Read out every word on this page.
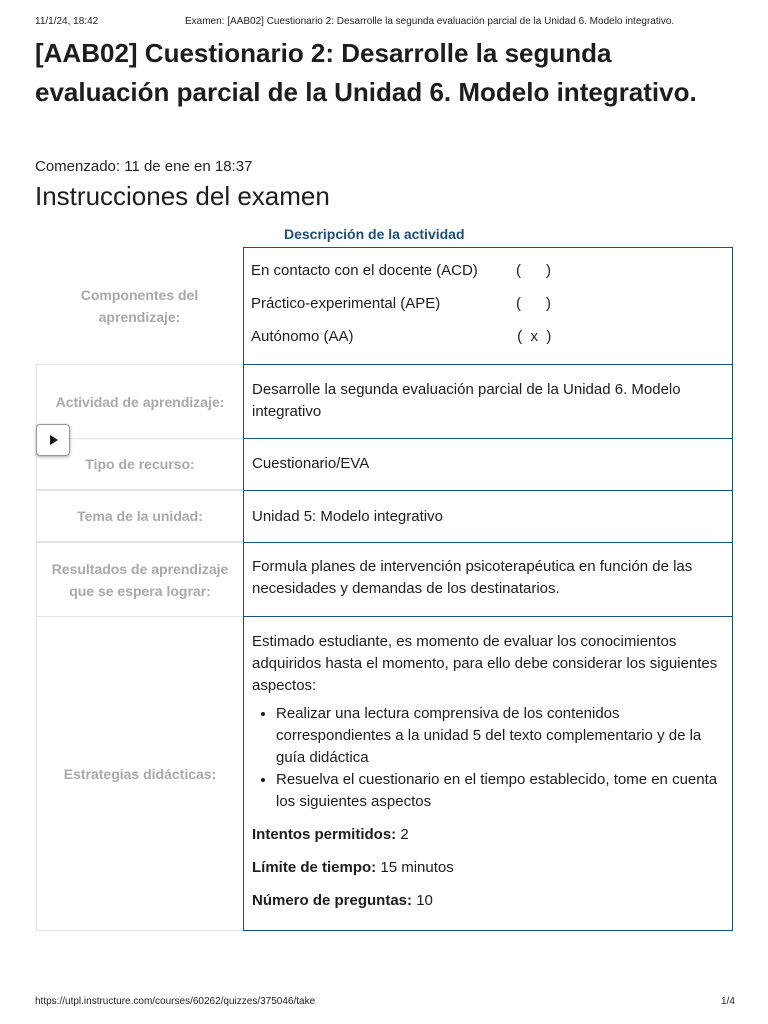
11/1/24, 18:42	Examen: [AAB02] Cuestionario 2: Desarrolle la segunda evaluación parcial de la Unidad 6. Modelo integrativo.
[AAB02] Cuestionario 2: Desarrolle la segunda evaluación parcial de la Unidad 6. Modelo integrativo.
Comenzado: 11 de ene en 18:37
Instrucciones del examen
Descripción de la actividad
Componentes del aprendizaje:
En contacto con el docente (ACD)	(      )
Práctico-experimental (APE)	(      )
Autónomo (AA)	(  x  )
Actividad de aprendizaje:
Desarrolle la segunda evaluación parcial de la Unidad 6. Modelo integrativo
Tipo de recurso:	Cuestionario/EVA
Tema de la unidad:	Unidad 5: Modelo integrativo
Resultados de aprendizaje que se espera lograr:
Formula planes de intervención psicoterapéutica en función de las necesidades y demandas de los destinatarios.
Estrategias didácticas:
Estimado estudiante, es momento de evaluar los conocimientos adquiridos hasta el momento, para ello debe considerar los siguientes aspectos:
• Realizar una lectura comprensiva de los contenidos correspondientes a la unidad 5 del texto complementario y de la guía didáctica
• Resuelva el cuestionario en el tiempo establecido, tome en cuenta los siguientes aspectos
Intentos permitidos: 2
Límite de tiempo: 15 minutos
Número de preguntas: 10
https://utpl.instructure.com/courses/60262/quizzes/375046/take	1/4
